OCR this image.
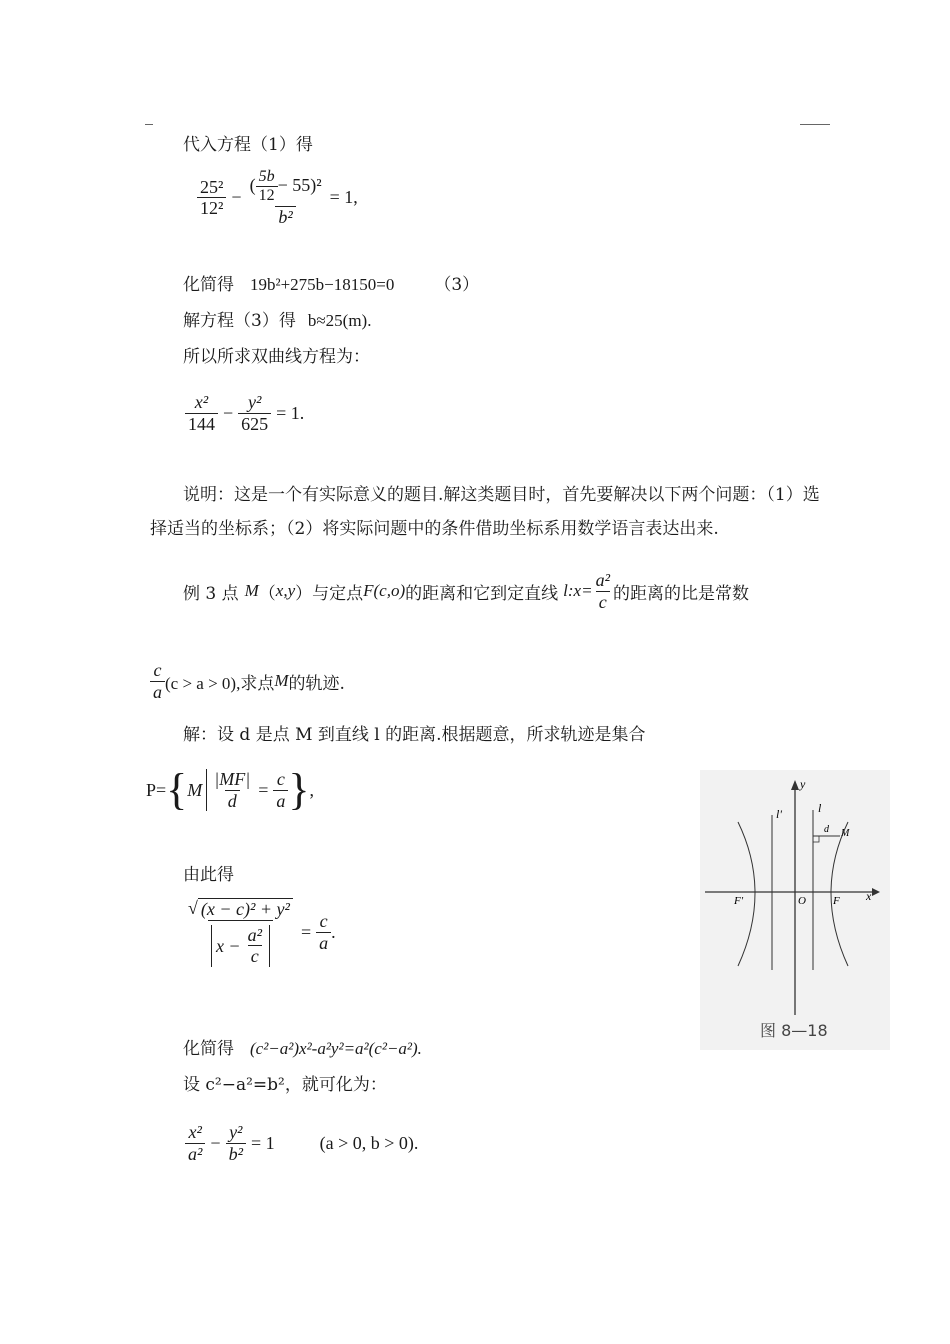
代入方程（1）得
$\frac{\text{25²}}{\text{12²}} - \frac{( \frac{5b}{12} - 55)^2}{\text{b²}} = 1$,
化简得 19b²+275b−18150=0 （3）
解方程（3）得 b≈25(m).
所以所求双曲线方程为：
$\frac{\text{x²}}{144} - \frac{\text{y²}}{625} = 1$.
说明：这是一个有实际意义的题目.解这类题目时，首先要解决以下两个问题：（1）选
择适当的坐标系；（2）将实际问题中的条件借助坐标系用数学语言表达出来.
例 3 点 M （ x,y ）与定点 F(c,o) 的距离和它到定直线 l:x= $\frac{\text{a²}}{c}$ 的距离的比是常数
$\frac{c}{a} (c > a > 0)$,求点 M 的轨迹.
解：设 d 是点 M 到直线 l 的距离.根据题意，所求轨迹是集合
P= { M $\frac{|MF|}{d} = \frac{c}{a}$ } ,
由此得
$\frac{\text{√ (x − c)² + y²}}{x - \frac{\text{a²}}{c}} = \frac{c}{a}$ .
化简得 (c²−a²)x²-a²y²=a²(c²−a²).
设 c²−a²=b²，就可化为：
$\frac{\text{x²}}{\text{a²}} - \frac{\text{y²}}{\text{b²}} = 1$	(a > 0, b > 0).
y
x
O F
F'
l
l'
d M
图 8—18
